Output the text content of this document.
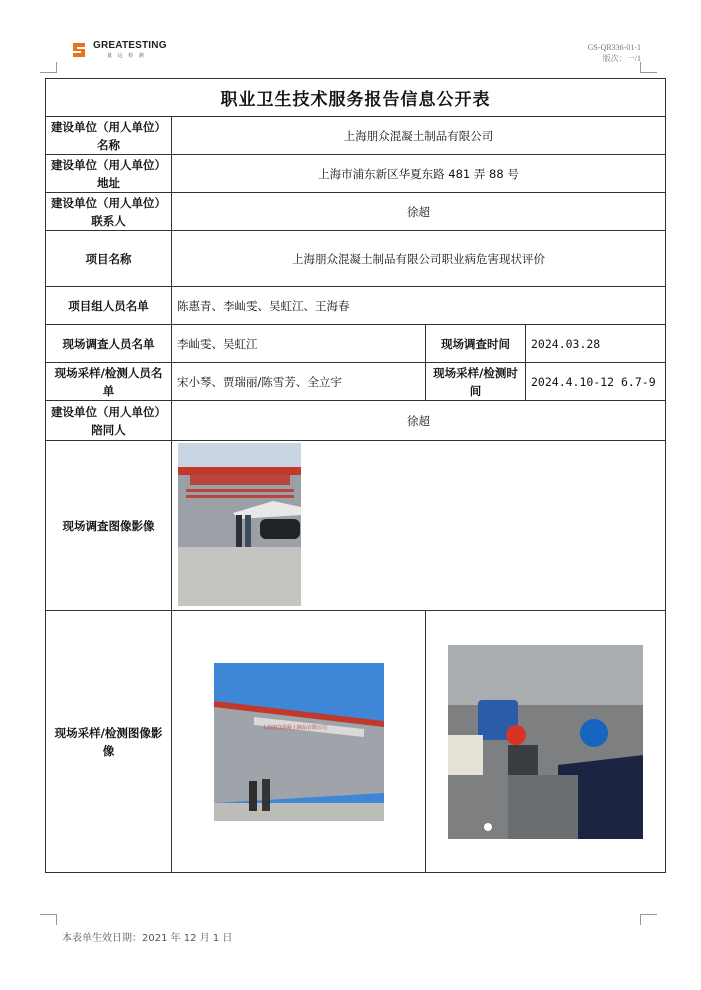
GREATESTING
量 远 检 测
GS-QR336-01-1
版次：一/1
职业卫生技术服务报告信息公开表			
建设单位（用人单位）名称	上海朋众混凝土制品有限公司		
建设单位（用人单位）地址	上海市浦东新区华夏东路 481 弄 88 号		
建设单位（用人单位）联系人	徐超		
项目名称	上海朋众混凝土制品有限公司职业病危害现状评价		
项目组人员名单	陈惠青、李屾雯、吴虹江、王海春		
现场调查人员名单	李屾雯、吴虹江	现场调查时间	2024.03.28
现场采样/检测人员名单	宋小琴、贾瑞丽/陈雪芳、全立宇	现场采样/检测时间	2024.4.10-12 6.7-9
建设单位（用人单位）陪同人	徐超		
现场调查图像影像	

现场采样/检测图像影像	上海朋众混凝土制品有限公司

本表单生效日期：2021 年 12 月 1 日
